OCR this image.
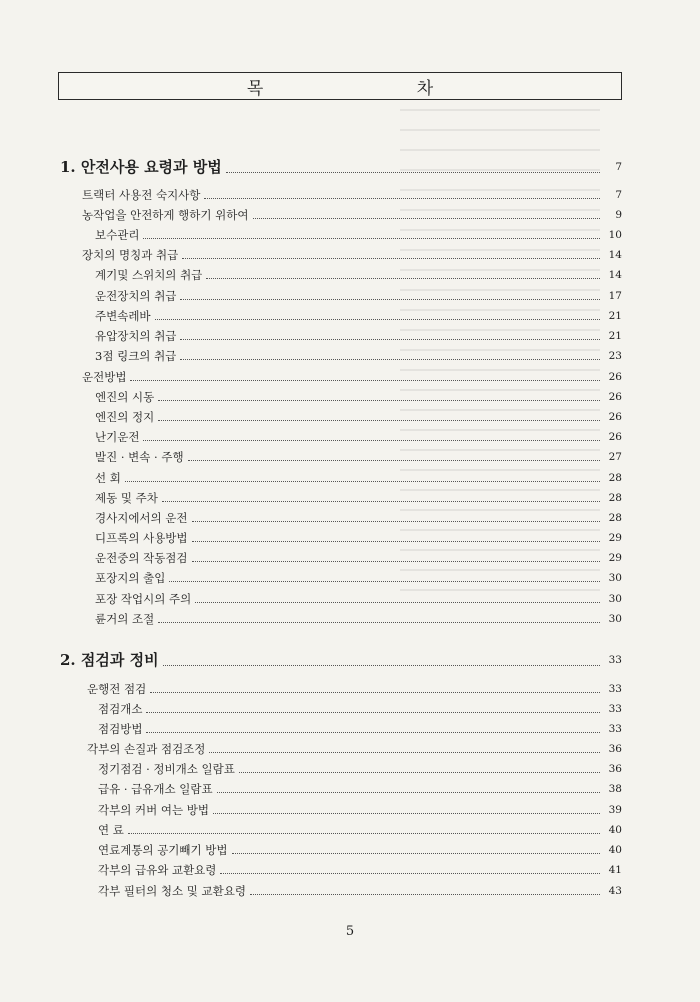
목 차
1. 안전사용 요령과 방법	7
트랙터 사용전 숙지사항	7
농작업을 안전하게 행하기 위하여	9
보수관리	10
장치의 명칭과 취급	14
계기및 스위치의 취급	14
운전장치의 취급	17
주변속레바	21
유압장치의 취급	21
3점 링크의 취급	23
운전방법	26
엔진의 시동	26
엔진의 정지	26
난기운전	26
발진 · 변속 · 주행	27
선 회	28
제동 및 주차	28
경사지에서의 운전	28
디프록의 사용방법	29
운전중의 작동점검	29
포장지의 출입	30
포장 작업시의 주의	30
륜거의 조절	30
2. 점검과 정비	33
운행전 점검	33
점검개소	33
점검방법	33
각부의 손질과 점검조정	36
정기점검 · 정비개소 일람표	36
급유 · 급유개소 일람표	38
각부의 커버 여는 방법	39
연 료	40
연료계통의 공기빼기 방법	40
각부의 급유와 교환요령	41
각부 필터의 청소 및 교환요령	43
5
